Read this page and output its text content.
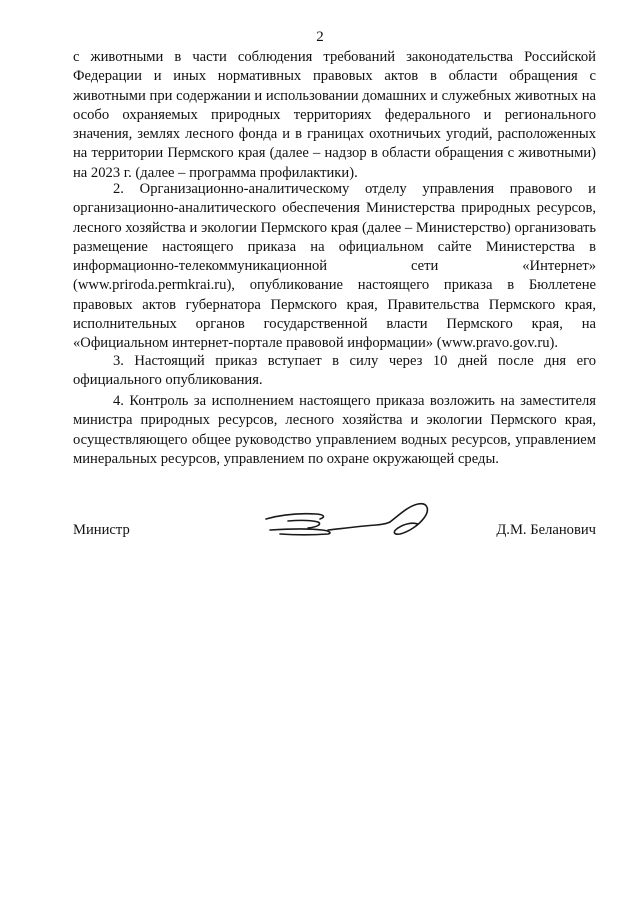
2

с животными в части соблюдения требований законодательства Российской Федерации и иных нормативных правовых актов в области обращения с животными при содержании и использовании домашних и служебных животных на особо охраняемых природных территориях федерального и регионального значения, землях лесного фонда и в границах охотничьих угодий, расположенных на территории Пермского края (далее – надзор в области обращения с животными) на 2023 г. (далее – программа профилактики).

2. Организационно-аналитическому отделу управления правового и организационно-аналитического обеспечения Министерства природных ресурсов, лесного хозяйства и экологии Пермского края (далее – Министерство) организовать размещение настоящего приказа на официальном сайте Министерства в информационно-телекоммуникационной сети «Интернет» (www.priroda.permkrai.ru), опубликование настоящего приказа в Бюллетене правовых актов губернатора Пермского края, Правительства Пермского края, исполнительных органов государственной власти Пермского края, на «Официальном интернет-портале правовой информации» (www.pravo.gov.ru).

3. Настоящий приказ вступает в силу через 10 дней после дня его официального опубликования.

4. Контроль за исполнением настоящего приказа возложить на заместителя министра природных ресурсов, лесного хозяйства и экологии Пермского края, осуществляющего общее руководство управлением водных ресурсов, управлением минеральных ресурсов, управлением по охране окружающей среды.

Министр	Д.М. Беланович
